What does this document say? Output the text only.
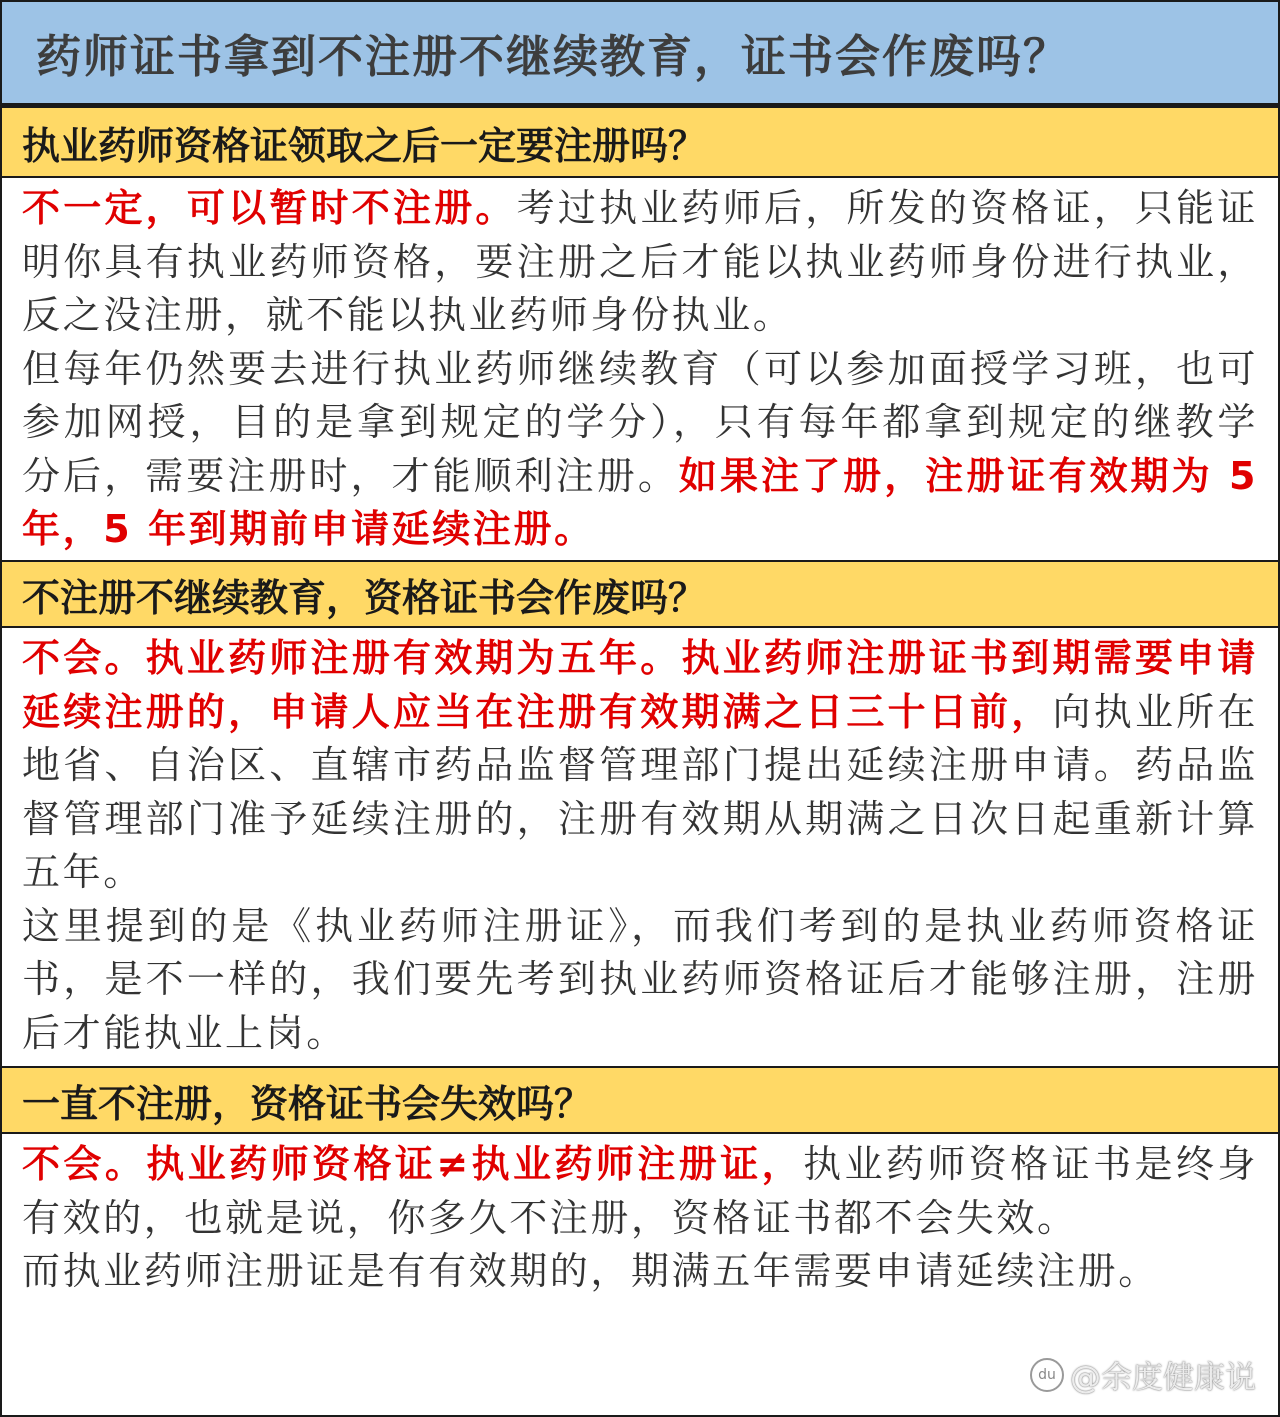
药师证书拿到不注册不继续教育，证书会作废吗？
执业药师资格证领取之后一定要注册吗？

不一定，可以暂时不注册。考过执业药师后，所发的资格证，只能证明你具有执业药师资格，要注册之后才能以执业药师身份进行执业，反之没注册，就不能以执业药师身份执业。

但每年仍然要去进行执业药师继续教育（可以参加面授学习班，也可参加网授，目的是拿到规定的学分），只有每年都拿到规定的继教学分后，需要注册时，才能顺利注册。如果注了册，注册证有效期为 5 年，5 年到期前申请延续注册。

不注册不继续教育，资格证书会作废吗？

不会。执业药师注册有效期为五年。执业药师注册证书到期需要申请延续注册的，申请人应当在注册有效期满之日三十日前，向执业所在地省、自治区、直辖市药品监督管理部门提出延续注册申请。药品监督管理部门准予延续注册的，注册有效期从期满之日次日起重新计算五年。

这里提到的是《执业药师注册证》，而我们考到的是执业药师资格证书，是不一样的，我们要先考到执业药师资格证后才能够注册，注册后才能执业上岗。

一直不注册，资格证书会失效吗？

不会。执业药师资格证≠执业药师注册证，执业药师资格证书是终身有效的，也就是说，你多久不注册，资格证书都不会失效。

而执业药师注册证是有有效期的，期满五年需要申请延续注册。

du @余度健康说
